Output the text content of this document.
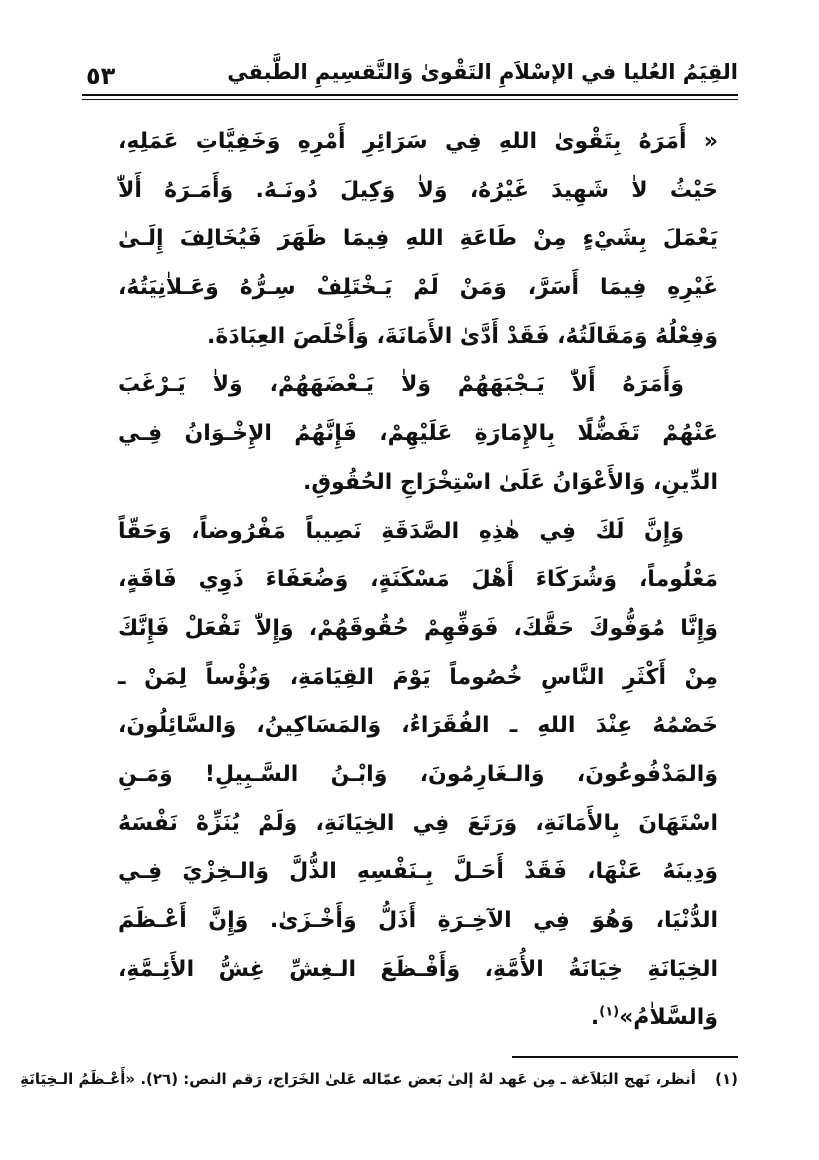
القِيَمُ العُليا في الإسْلاَمِ التَقْوىٰ وَالتَّقسِيمِ الطَّبقي
٥٣
« أَمَرَهُ بِتَقْوىٰ اللهِ فِي سَرَائِرِ أَمْرِهِ وَخَفِيَّاتِ عَمَلِهِ،
حَيْثُ لاٰ شَهِيدَ غَيْرُهُ، وَلاٰ وَكِيلَ دُونَـهُ. وَأَمَـرَهُ أَلاّٰ
يَعْمَلَ بِشَيْءٍ مِنْ طَاعَةِ اللهِ فِيمَا ظَهَرَ فَيُخَالِفَ إِلَـىٰ
غَيْرِهِ فِيمَا أَسَرَّ، وَمَنْ لَمْ يَـخْتَلِفْ سِـرُّهُ وَعَـلاٰنِيَتُهُ،
وَفِعْلُهُ وَمَقَالَتُهُ، فَقَدْ أَدَّىٰ الأَمَانَةَ، وَأَخْلَصَ العِبَادَةَ.
وَأَمَرَهُ أَلاّٰ يَـجْبَهَهُمْ وَلاٰ يَـعْضَهَهُمْ، وَلاٰ يَـرْغَبَ
عَنْهُمْ تَفَضُّلًا بِالإِمَارَةِ عَلَيْهِمْ، فَإِنَّهُمُ الإِخْـوَانُ فِـي
الدِّينِ، وَالأَعْوَانُ عَلَىٰ اسْتِخْرَاجِ الحُقُوقِ.
وَإِنَّ لَكَ فِي هٰذِهِ الصَّدَقَةِ نَصِيباً مَفْرُوضاً، وَحَقّاً
مَعْلُوماً، وَشُرَكَاءَ أَهْلَ مَسْكَنَةٍ، وَضُعَفَاءَ ذَوِي فَاقَةٍ،
وَإِنَّا مُوَفُّوكَ حَقَّكَ، فَوَفِّهِمْ حُقُوقَهُمْ، وَإِلاّٰ تَفْعَلْ فَإِنَّكَ
مِنْ أَكْثَرِ النَّاسِ خُصُوماً يَوْمَ القِيَامَةِ، وَبُؤْساً لِمَنْ ـ
خَصْمُهُ عِنْدَ اللهِ ـ الفُقَرَاءُ، وَالمَسَاكِينُ، وَالسَّائِلُونَ،
وَالمَدْفُوعُونَ، وَالـغَارِمُونَ، وَابْـنُ السَّـبِيلِ! وَمَـنِ
اسْتَهَانَ بِالأَمَانَةِ، وَرَتَعَ فِي الخِيَانَةِ، وَلَمْ يُنَزِّهْ نَفْسَهُ
وَدِينَهُ عَنْهَا، فَقَدْ أَحَـلَّ بِـنَفْسِهِ الذُّلَّ وَالـخِزْيَ فِـي
الدُّنْيَا، وَهُوَ فِي الآخِـرَةِ أَذَلُّ وَأَخْـزَىٰ. وَإِنَّ أَعْـظَمَ
الخِيَانَةِ خِيَانَةُ الأُمَّةِ، وَأَفْـظَعَ الـغِشِّ غِشُّ الأَئِـمَّةِ،
وَالسَّلاٰمُ»$^{(١)}$.
(١) أنظر، نَهج البَلاَغة ـ مِن عَهد لهُ إلىٰ بَعض عمّاله عَلىٰ الخَرَاج، رَقم النص: (٢٦). «أَعْـظَمُ الـخِيَانَةِ
